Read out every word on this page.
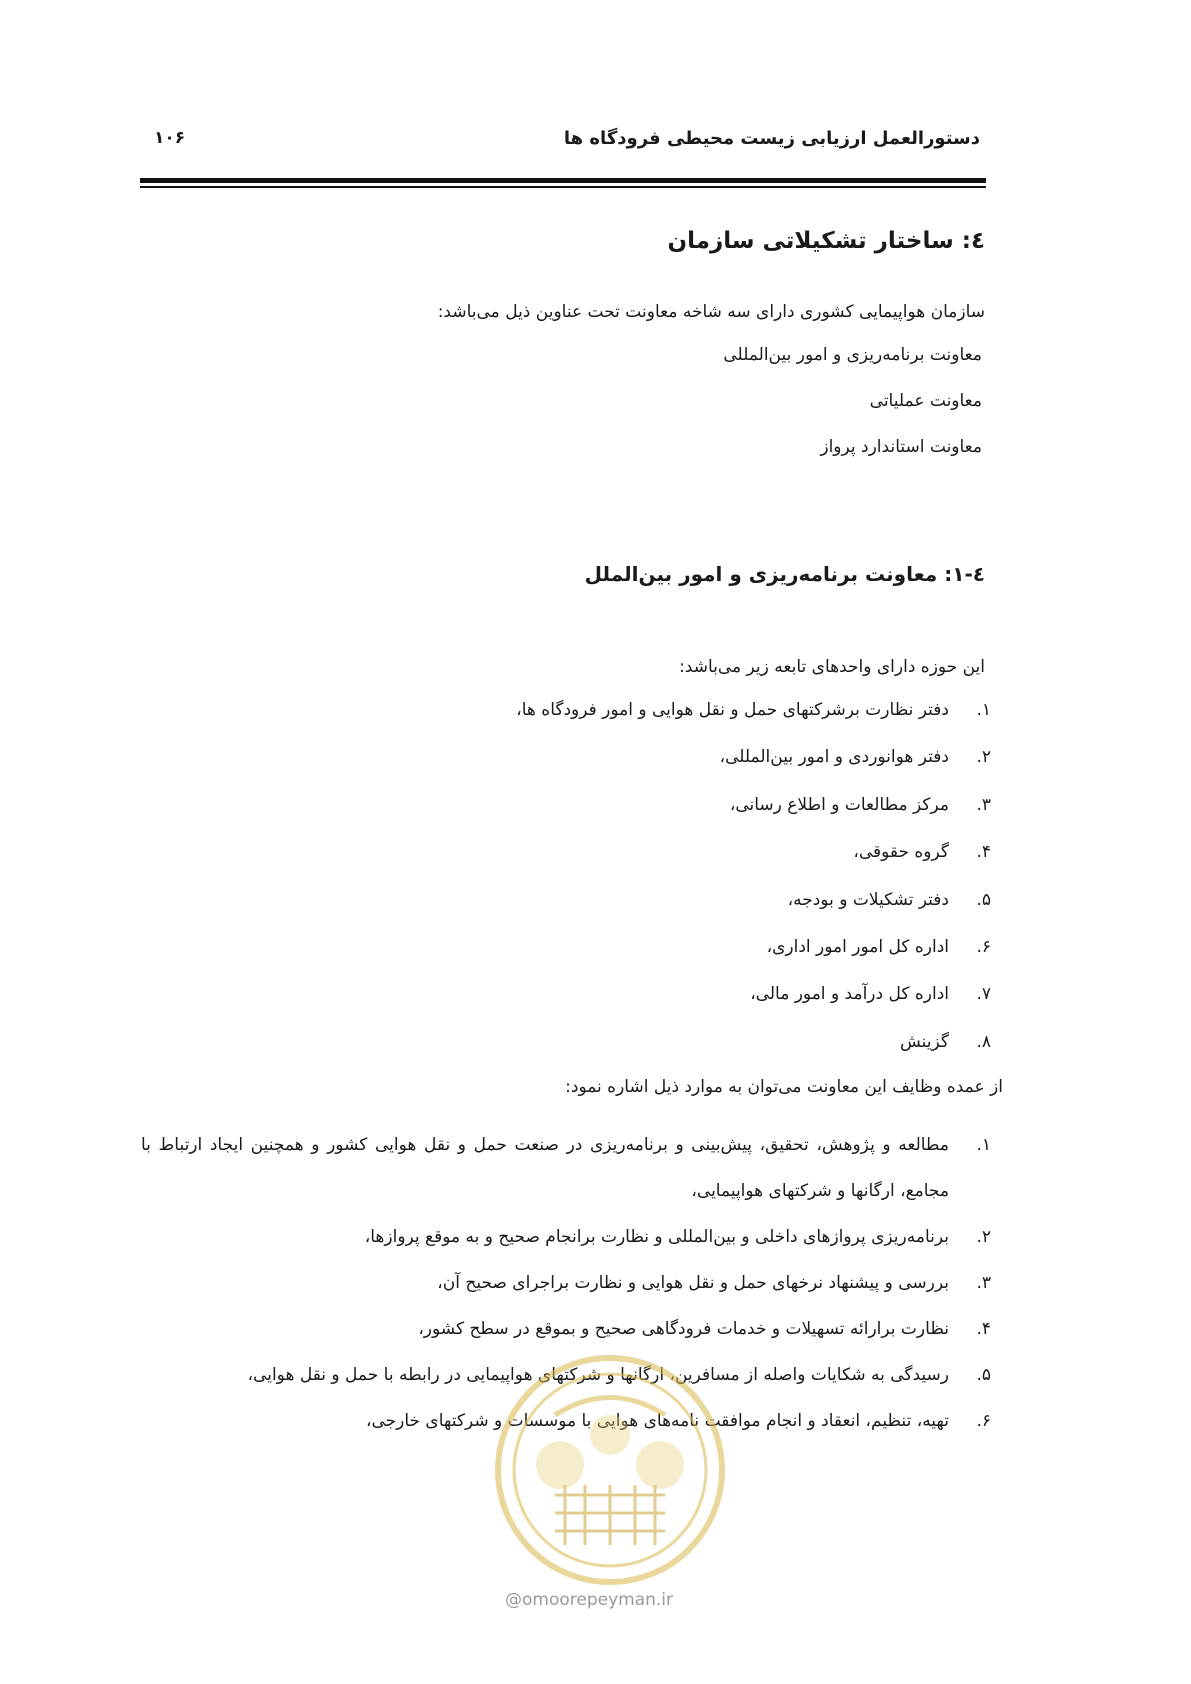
دستورالعمل ارزیابی زیست محیطی فرودگاه ها
۱۰۶
٤: ساختار تشکیلاتی سازمان
سازمان هواپیمایی کشوری دارای سه شاخه معاونت تحت عناوین ذیل می‌باشد:
معاونت برنامه‌ریزی و امور بین‌المللی
معاونت عملیاتی
معاونت استاندارد پرواز
٤-١: معاونت برنامه‌ریزی و امور بین‌الملل
این حوزه دارای واحدهای تابعه زیر می‌باشد:
۱.
دفتر نظارت برشرکتهای حمل و نقل هوایی و امور فرودگاه ها،
۲.
دفتر هوانوردی و امور بین‌المللی،
۳.
مرکز مطالعات و اطلاع رسانی،
۴.
گروه حقوقی،
۵.
دفتر تشکیلات و بودجه،
۶.
اداره کل امور امور اداری،
۷.
اداره کل درآمد و امور مالی،
۸.
گزینش
از عمده وظایف این معاونت می‌توان به موارد ذیل اشاره نمود:
۱.
مطالعه و پژوهش، تحقیق، پیش‌بینی و برنامه‌ریزی در صنعت حمل و نقل هوایی کشور و همچنین ایجاد ارتباط با مجامع، ارگانها و شرکتهای هواپیمایی،
۲.
برنامه‌ریزی پروازهای داخلی و بین‌المللی و نظارت برانجام صحیح و به موقع پروازها،
۳.
بررسی و پیشنهاد نرخهای حمل و نقل هوایی و نظارت براجرای صحیح آن،
۴.
نظارت برارائه تسهیلات و خدمات فرودگاهی صحیح و بموقع در سطح کشور،
۵.
رسیدگی به شکایات واصله از مسافرین، ارگانها و شرکتهای هواپیمایی در رابطه با حمل و نقل هوایی،
۶.
تهیه، تنظیم، انعقاد و انجام موافقت نامه‌های هوایی با موسسات و شرکتهای خارجی،
@omoorepeyman.ir
